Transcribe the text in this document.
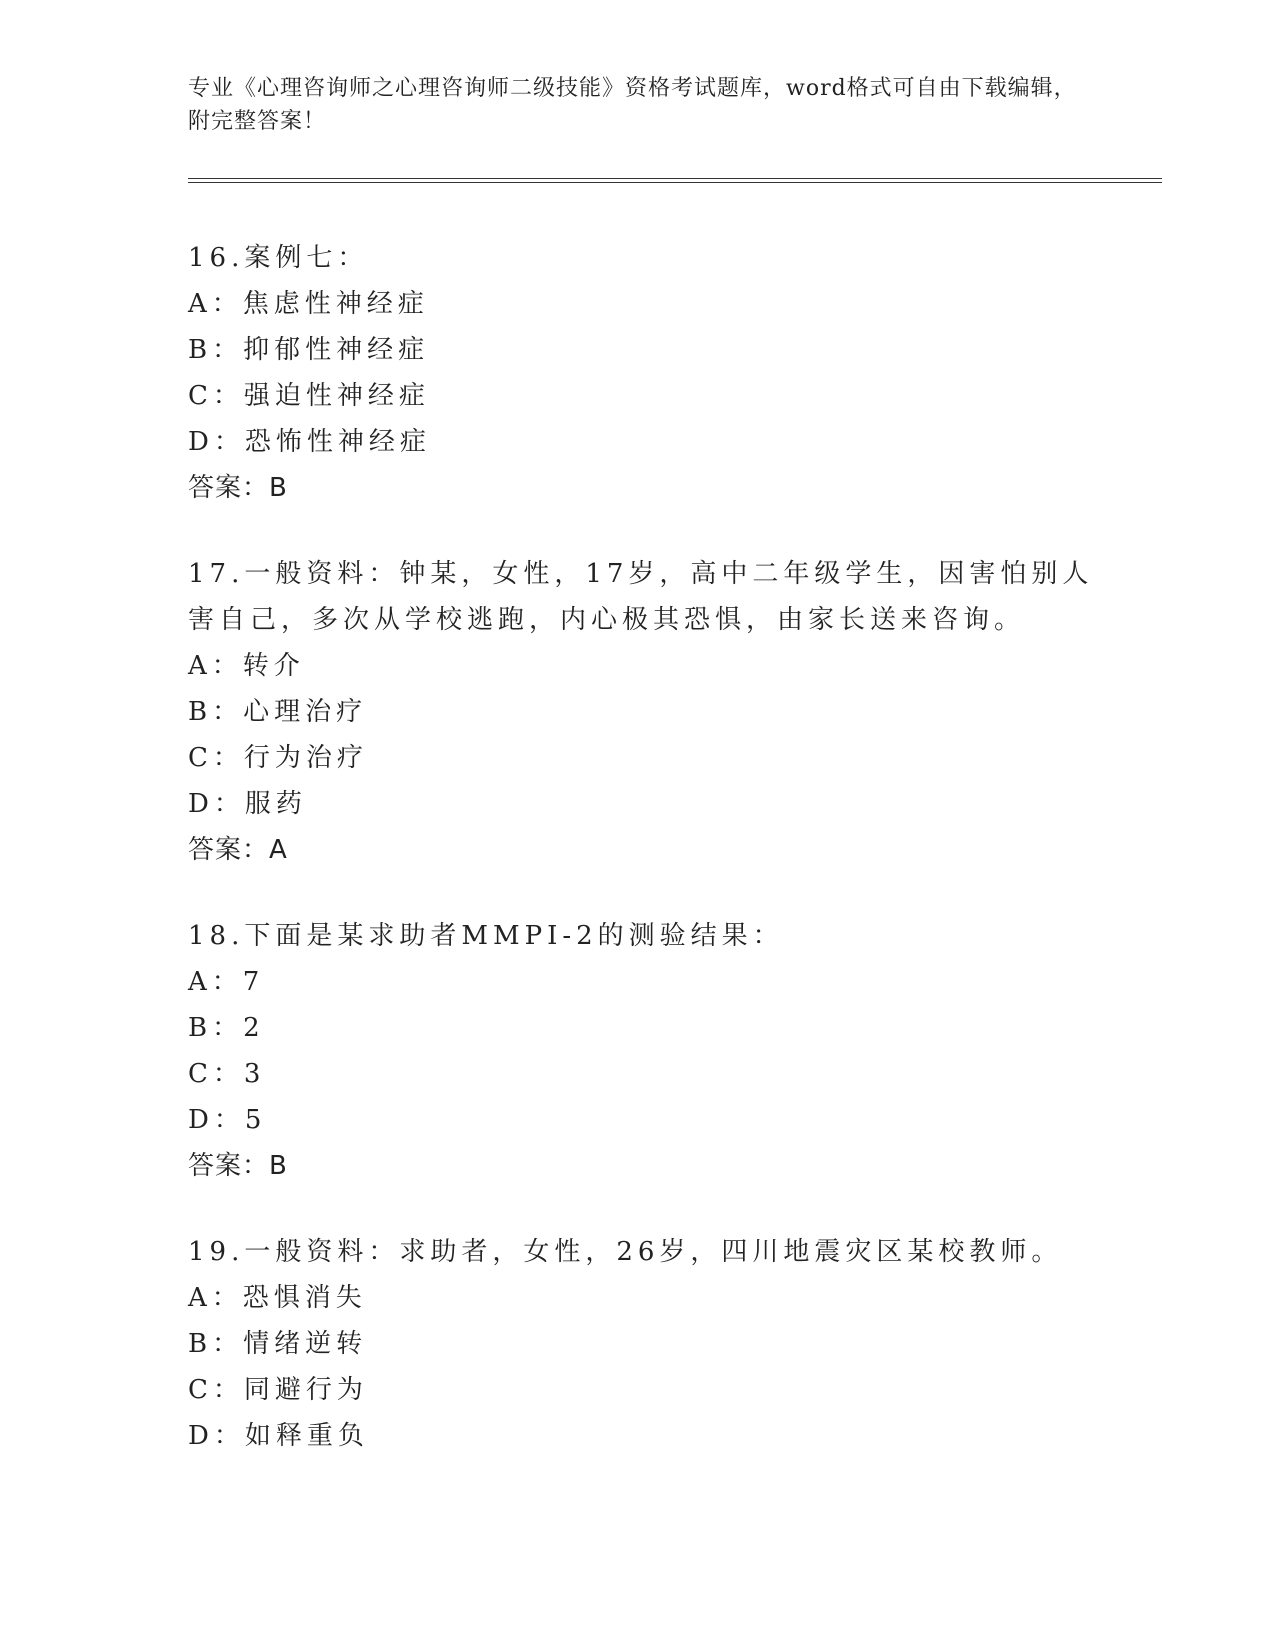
专业《心理咨询师之心理咨询师二级技能》资格考试题库，word格式可自由下载编辑，附完整答案！
16.案例七：
A：焦虑性神经症
B：抑郁性神经症
C：强迫性神经症
D：恐怖性神经症
答案：B
17.一般资料：钟某，女性，17岁，高中二年级学生，因害怕别人害自己，多次从学校逃跑，内心极其恐惧，由家长送来咨询。
A：转介
B：心理治疗
C：行为治疗
D：服药
答案：A
18.下面是某求助者MMPI-2的测验结果：
A：7
B：2
C：3
D：5
答案：B
19.一般资料：求助者，女性，26岁，四川地震灾区某校教师。
A：恐惧消失
B：情绪逆转
C：同避行为
D：如释重负
